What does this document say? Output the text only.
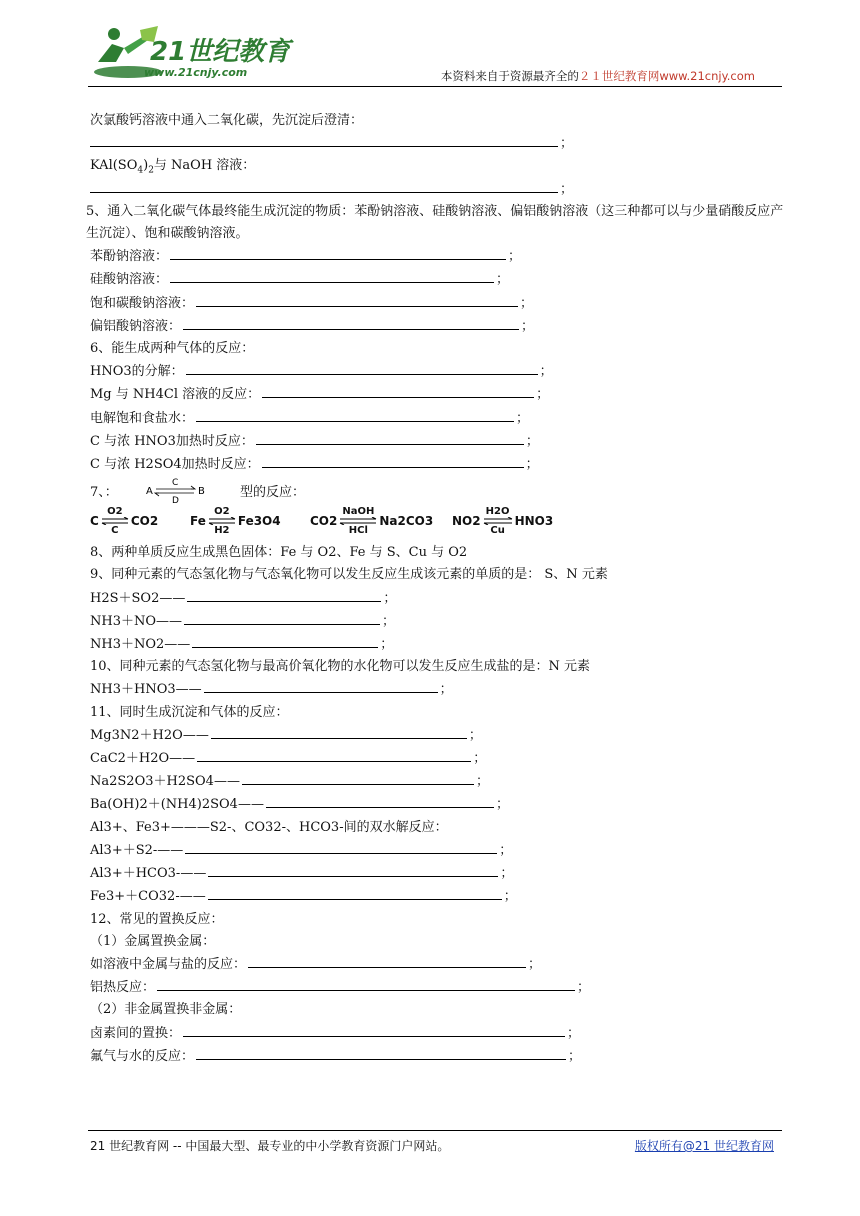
21世纪教育
www.21cnjy.com	本资料来自于资源最齐全的２１世纪教育网www.21cnjy.com
次氯酸钙溶液中通入二氧化碳，先沉淀后澄清：
；
$KAl(SO_4)_2$与 NaOH 溶液：
；
5、通入二氧化碳气体最终能生成沉淀的物质：苯酚钠溶液、硅酸钠溶液、偏铝酸钠溶液（这三种都可以与少量硝酸反应产生沉淀）、饱和碳酸钠溶液。
苯酚钠溶液：	；
硅酸钠溶液：	；
饱和碳酸钠溶液：	；
偏铝酸钠溶液：	；
6、能生成两种气体的反应：
HNO3的分解：	；
Mg 与 NH4Cl 溶液的反应：	；
电解饱和食盐水：	；
C 与浓 HNO3加热时反应：	；
C 与浓 H2SO4加热时反应：	；
7、：	A
C
D
B	型的反应：
C
O2
C
CO2	Fe
O2
H2
Fe3O4 CO2
NaOH
HCl
Na2CO3 NO2
H2O
Cu
HNO3
8、两种单质反应生成黑色固体：Fe 与 O2、Fe 与 S、Cu 与 O2
9、同种元素的气态氢化物与气态氧化物可以发生反应生成该元素的单质的是： S、N 元素
H2S＋SO2——	；
NH3＋NO——	；
NH3＋NO2——	；
10、同种元素的气态氢化物与最高价氧化物的水化物可以发生反应生成盐的是：N 元素
NH3＋HNO3——	；
11、同时生成沉淀和气体的反应：
Mg3N2＋H2O——	；
CaC2＋H2O——	；
Na2S2O3＋H2SO4——	；
Ba(OH)2＋(NH4)2SO4——	；
Al3+、Fe3+———S2-、CO32-、HCO3-间的双水解反应：
Al3+＋S2-——	；
Al3+＋HCO3-——	；
Fe3+＋CO32-——	；
12、常见的置换反应：
（1）金属置换金属：
如溶液中金属与盐的反应：	；
铝热反应：	；
（2）非金属置换非金属：
卤素间的置换：	；
氟气与水的反应：	；
21 世纪教育网 -- 中国最大型、最专业的中小学教育资源门户网站。	版权所有@21 世纪教育网
